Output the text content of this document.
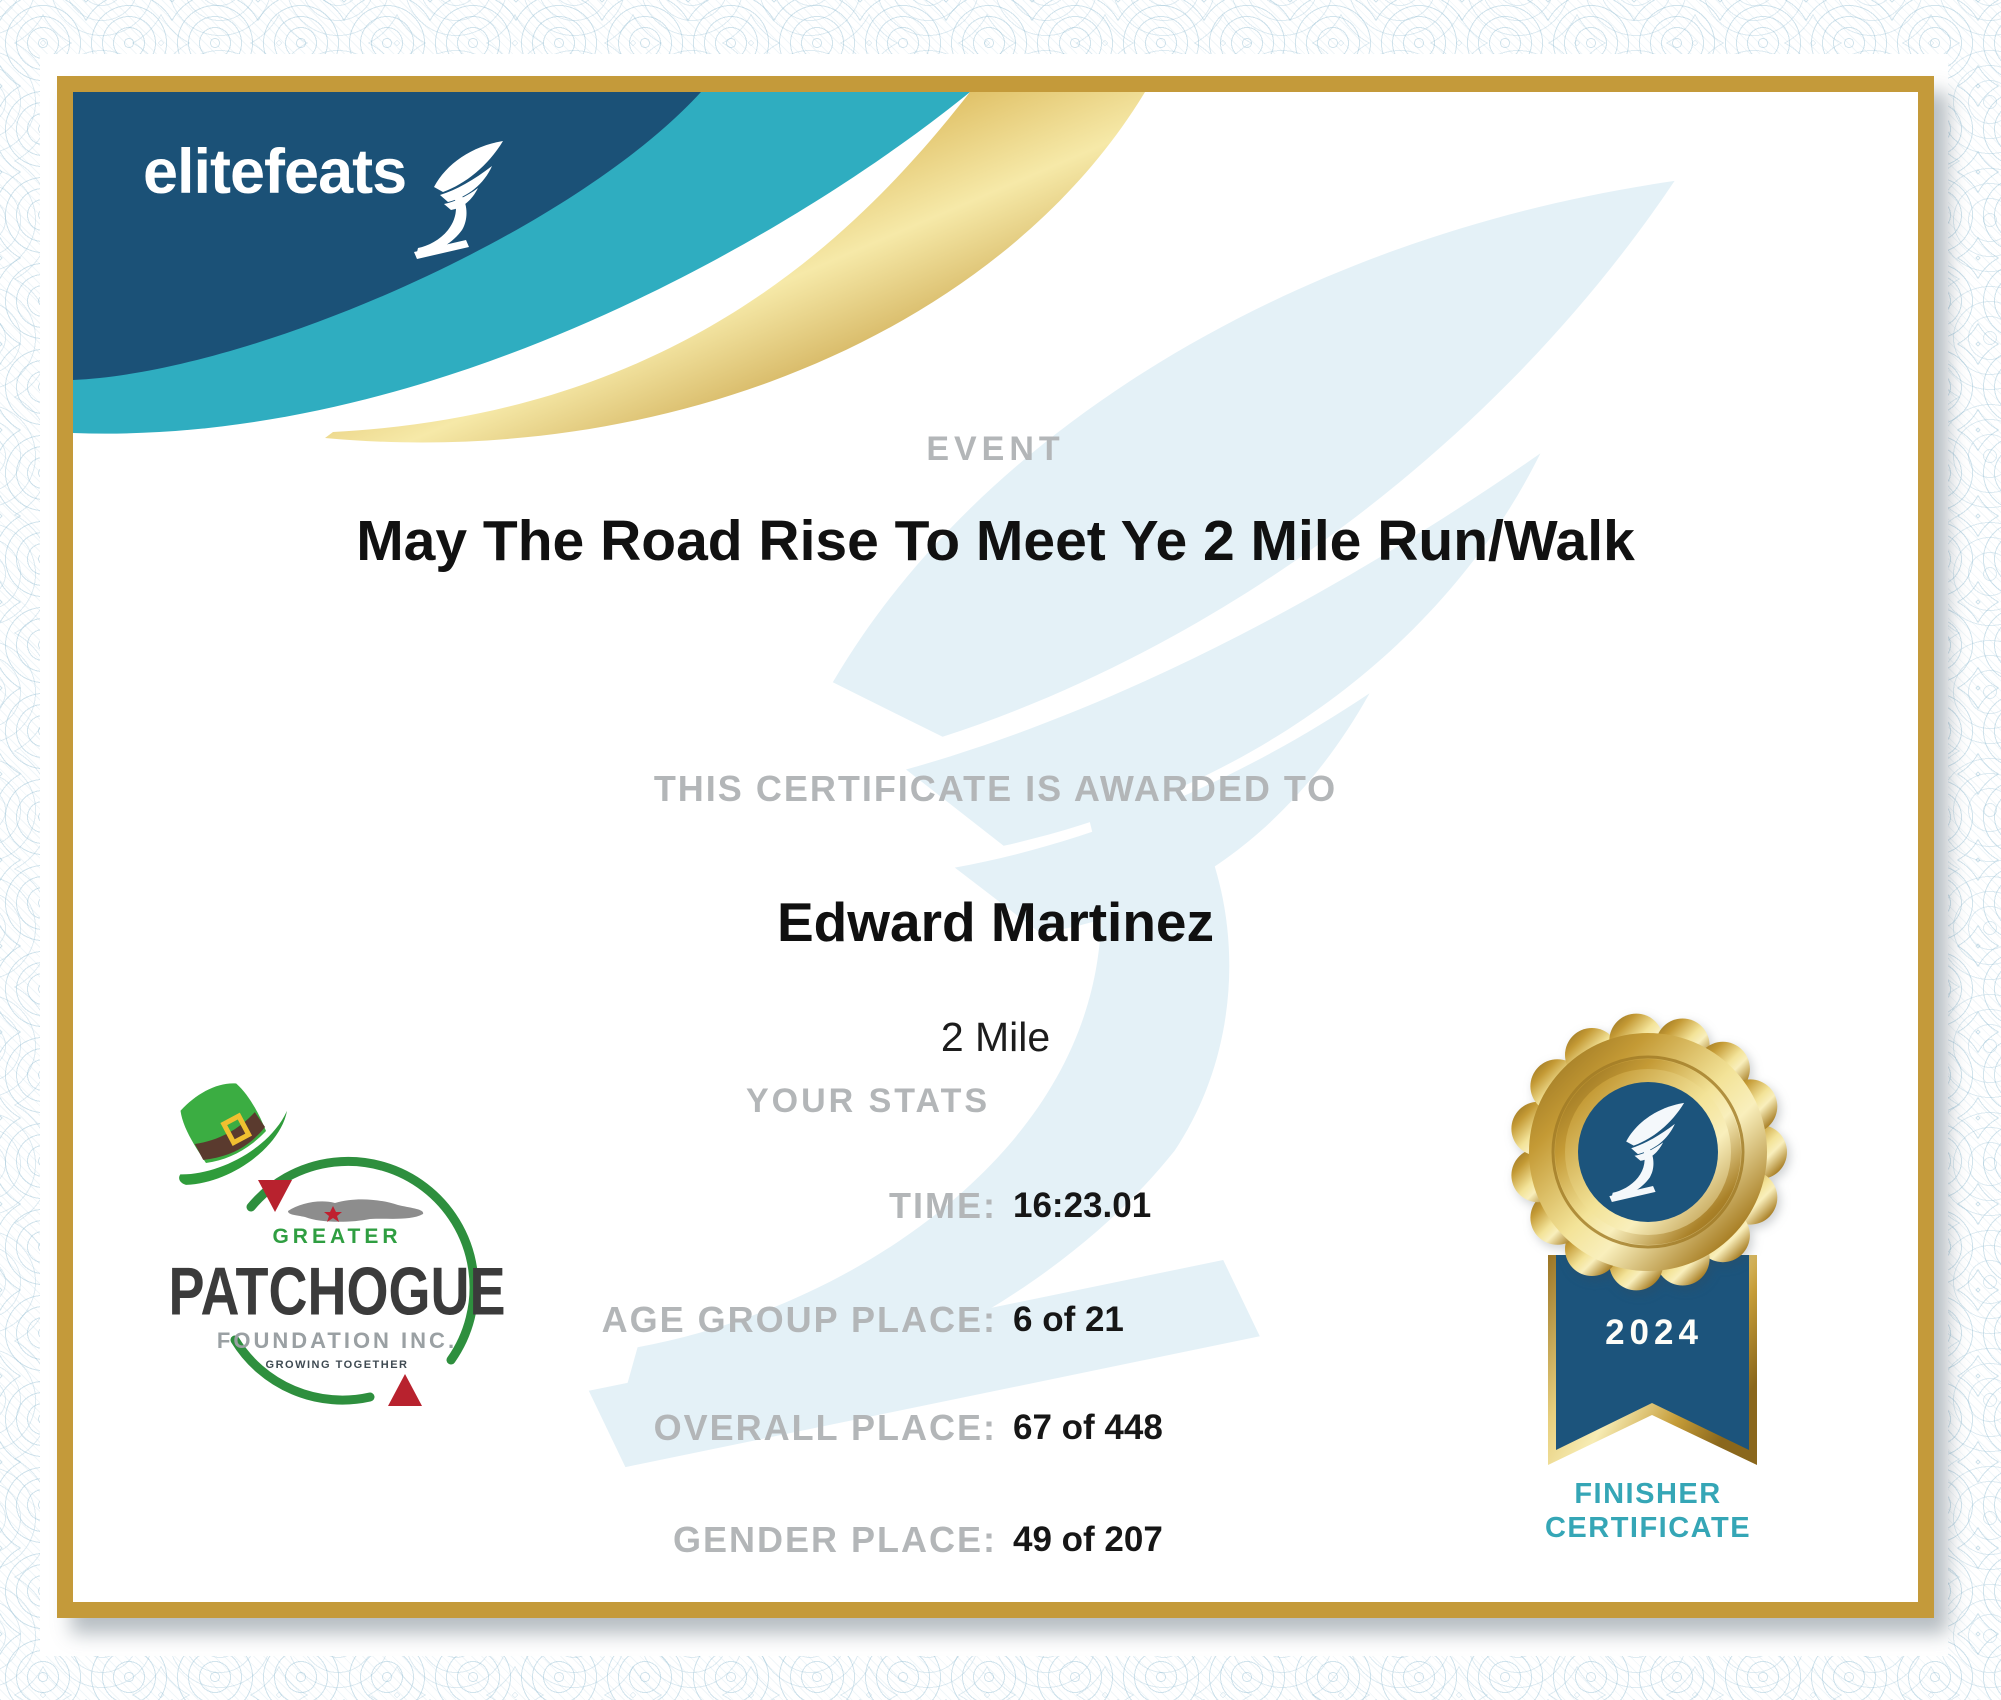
elitefeats
EVENT
May The Road Rise To Meet Ye 2 Mile Run/Walk
THIS CERTIFICATE IS AWARDED TO
Edward Martinez
2 Mile
YOUR STATS
TIME: 16:23.01
AGE GROUP PLACE: 6 of 21
OVERALL PLACE: 67 of 448
GENDER PLACE: 49 of 207
GREATER
PATCHOGUE
FOUNDATION INC.
GROWING TOGETHER
2024
FINISHER
CERTIFICATE
